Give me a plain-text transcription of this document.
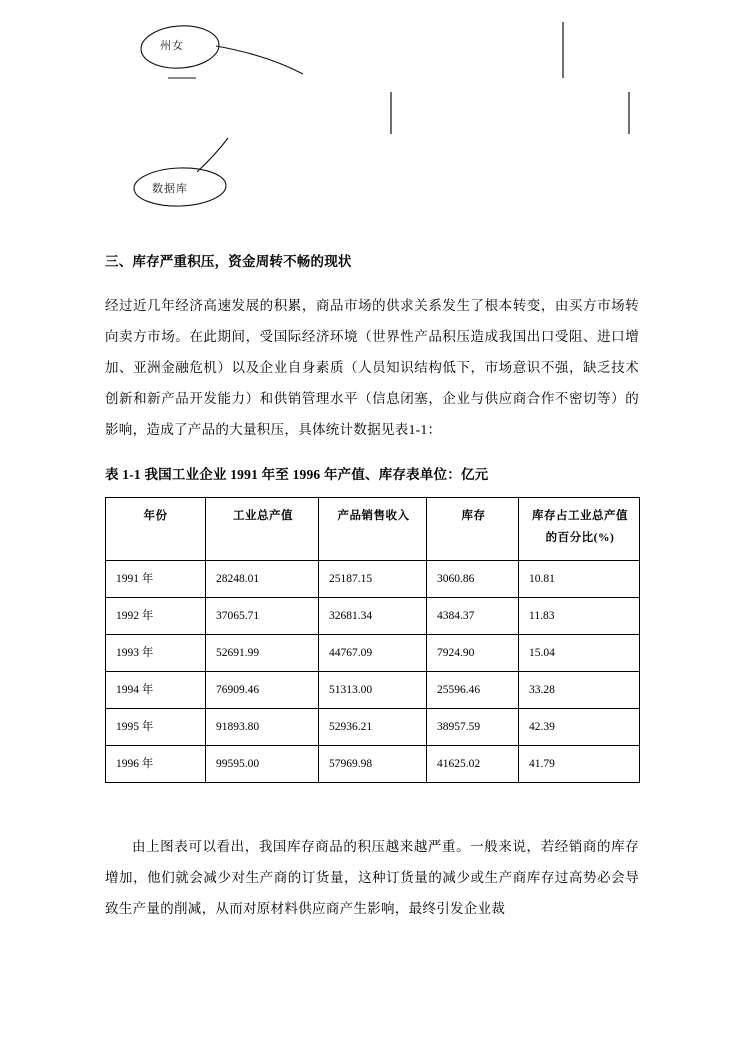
州女
数据库
三、库存严重积压，资金周转不畅的现状

经过近几年经济高速发展的积累，商品市场的供求关系发生了根本转变，由买方市场转向卖方市场。在此期间，受国际经济环境（世界性产品积压造成我国出口受阻、进口增加、亚洲金融危机）以及企业自身素质（人员知识结构低下，市场意识不强，缺乏技术创新和新产品开发能力）和供销管理水平（信息闭塞，企业与供应商合作不密切等）的影响，造成了产品的大量积压，具体统计数据见表1-1：

表 1-1 我国工业企业 1991 年至 1996 年产值、库存表单位：亿元
年份	工业总产值	产品销售收入	库存	库存占工业总产值的百分比(%)
1991 年	28248.01	25187.15	3060.86	10.81
1992 年	37065.71	32681.34	4384.37	11.83
1993 年	52691.99	44767.09	7924.90	15.04
1994 年	76909.46	51313.00	25596.46	33.28
1995 年	91893.80	52936.21	38957.59	42.39
1996 年	99595.00	57969.98	41625.02	41.79

由上图表可以看出，我国库存商品的积压越来越严重。一般来说，若经销商的库存增加，他们就会减少对生产商的订货量，这种订货量的减少或生产商库存过高势必会导致生产量的削减，从而对原材料供应商产生影响，最终引发企业裁
